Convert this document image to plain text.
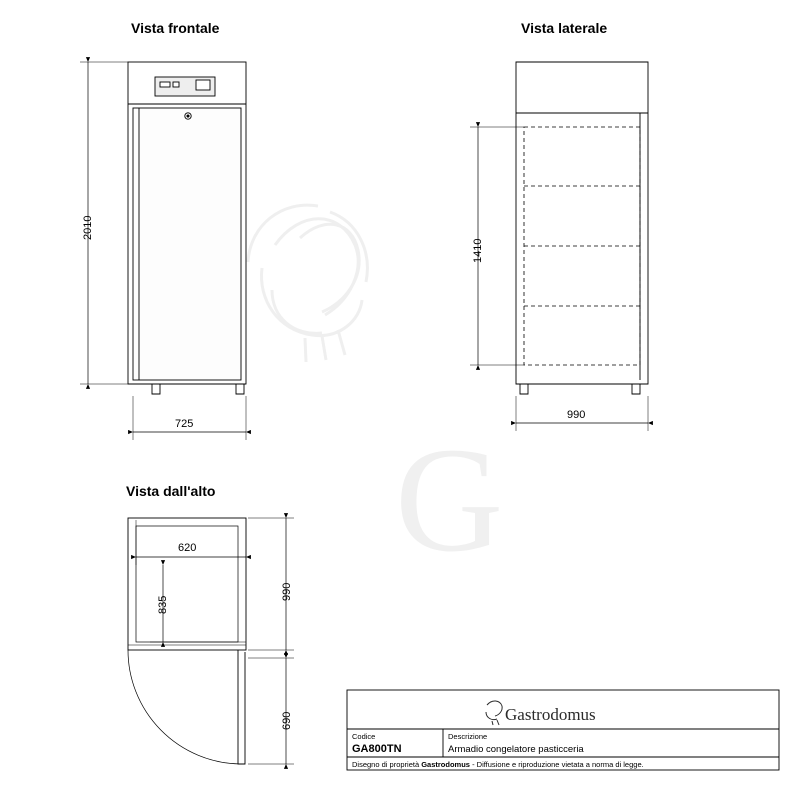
G
Vista frontale	Vista laterale
Vista dall'alto
2010
725
1410
990
620
835
990
690	Gastrodomus
Codice
GA800TN
Descrizione
Armadio congelatore pasticceria
Disegno di proprietà Gastrodomus - Diffusione e riproduzione vietata a norma di legge.
